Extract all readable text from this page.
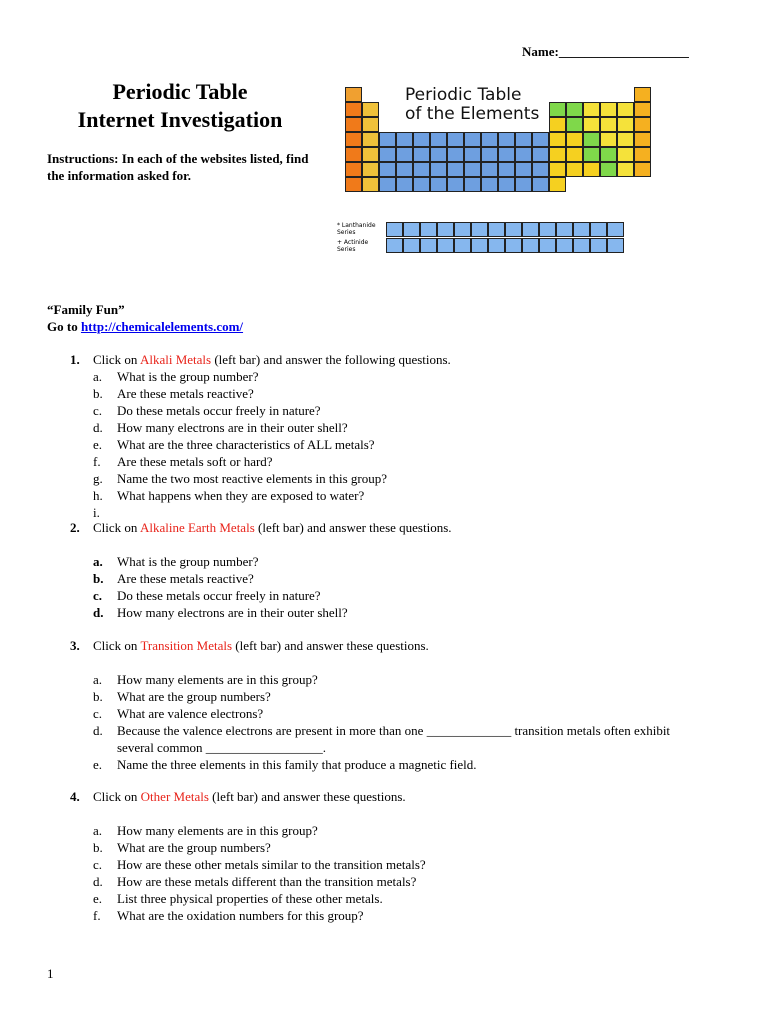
Name:____________________
Periodic Table
Internet Investigation
Instructions: In each of the websites listed, find the information asked for.
Periodic Table
of the Elements
* Lanthanide
Series
+ Actinide
Series
“Family Fun”
Go to http://chemicalelements.com/
1. Click on Alkali Metals (left bar) and answer the following questions.
a. What is the group number?
b. Are these metals reactive?
c. Do these metals occur freely in nature?
d. How many electrons are in their outer shell?
e. What are the three characteristics of ALL metals?
f. Are these metals soft or hard?
g. Name the two most reactive elements in this group?
h. What happens when they are exposed to water?
i.
2. Click on Alkaline Earth Metals (left bar) and answer these questions.
a. What is the group number?
b. Are these metals reactive?
c. Do these metals occur freely in nature?
d. How many electrons are in their outer shell?
3. Click on Transition Metals (left bar) and answer these questions.
a. How many elements are in this group?
b. What are the group numbers?
c. What are valence electrons?
d. Because the valence electrons are present in more than one _____________ transition metals often exhibit several common __________________.
e. Name the three elements in this family that produce a magnetic field.
4. Click on Other Metals (left bar) and answer these questions.
a. How many elements are in this group?
b. What are the group numbers?
c. How are these other metals similar to the transition metals?
d. How are these metals different than the transition metals?
e. List three physical properties of these other metals.
f. What are the oxidation numbers for this group?
1
